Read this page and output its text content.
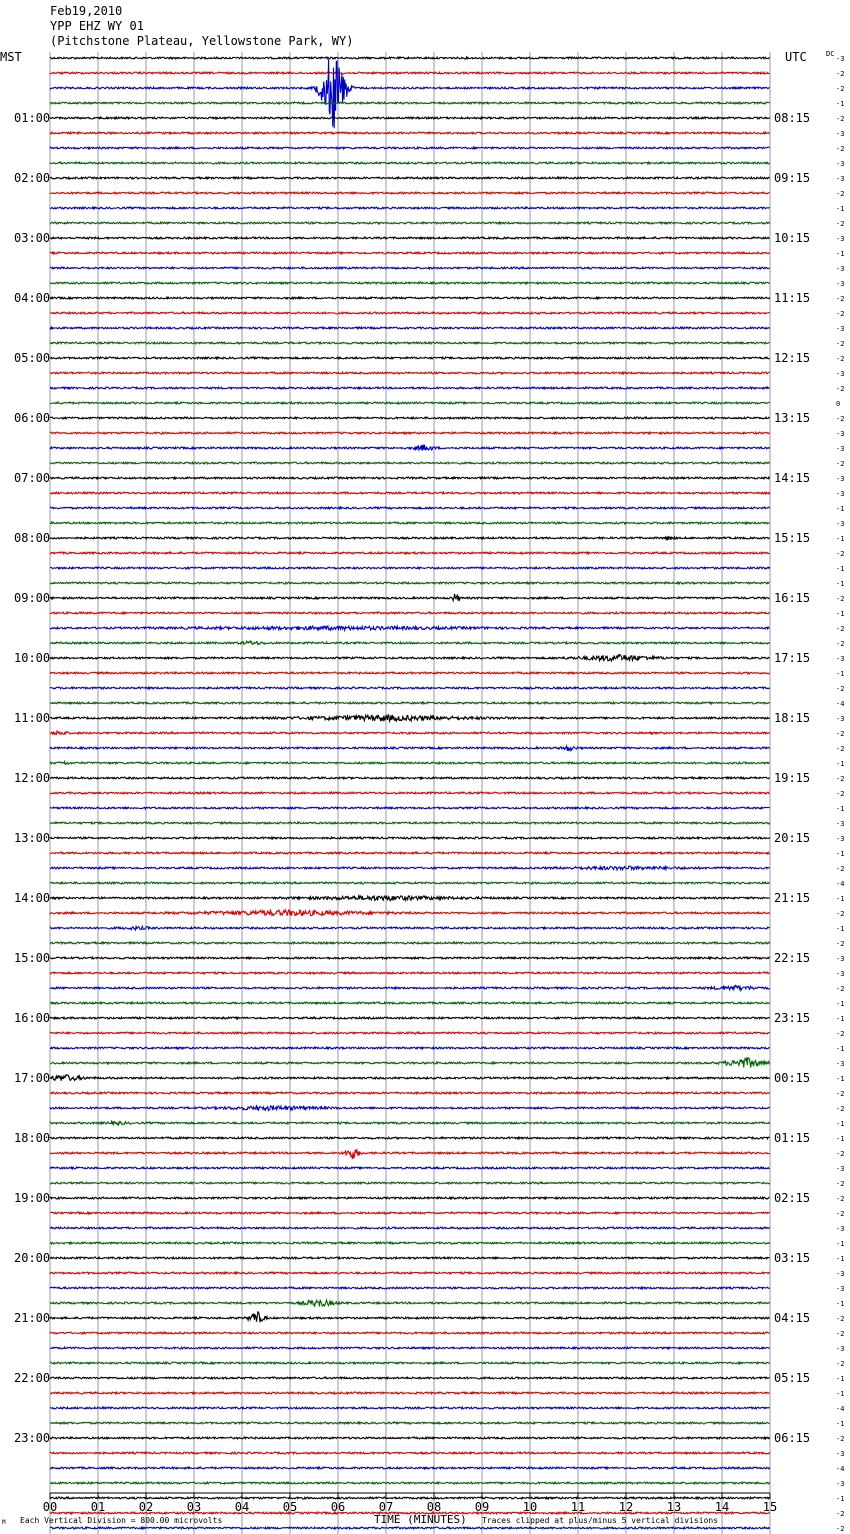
Feb19,2010
YPP EHZ WY 01
(Pitchstone Plateau, Yellowstone Park, WY)
MST	UTC	DC
01:00	08:15
02:00	09:15
03:00	10:15
04:00	11:15
05:00	12:15
06:00	13:15
07:00	14:15
08:00	15:15
09:00	16:15
10:00	17:15
11:00	18:15
12:00	19:15
13:00	20:15
14:00	21:15
15:00	22:15
16:00	23:15
17:00	00:15
18:00	01:15
19:00	02:15
20:00	03:15
21:00	04:15
22:00	05:15
23:00	06:15
-3
-2
-2
-1
-2
-3
-2
-3
-3
-2
-1
-2
-3
-1
-3
-3
-2
-2
-3
-2
-2
-3
-2
0
-2
-3
-3
-2
-3
-3
-1
-3
-1
-2
-1
-1
-2
-1
-2
-2
-3
-1
-2
-4
-3
-2
-2
-1
-2
-2
-1
-3
-3
-1
-2
-4
-1
-2
-1
-2
-3
-3
-2
-1
-1
-2
-1
-3
-1
-2
-2
-1
-1
-2
-3
-2
-2
-2
-3
-1
-1
-3
-3
-1
-2
-2
-3
-2
-1
-1
-4
-1
-2
-3
-4
-3
-1
-2
-2
00	01	02	03	04	05	06	07	08	09	10	11	12	13	14	15
M Each Vertical Division = 800.00 microvolts	TIME (MINUTES) Traces clipped at plus/minus 5 vertical divisions
